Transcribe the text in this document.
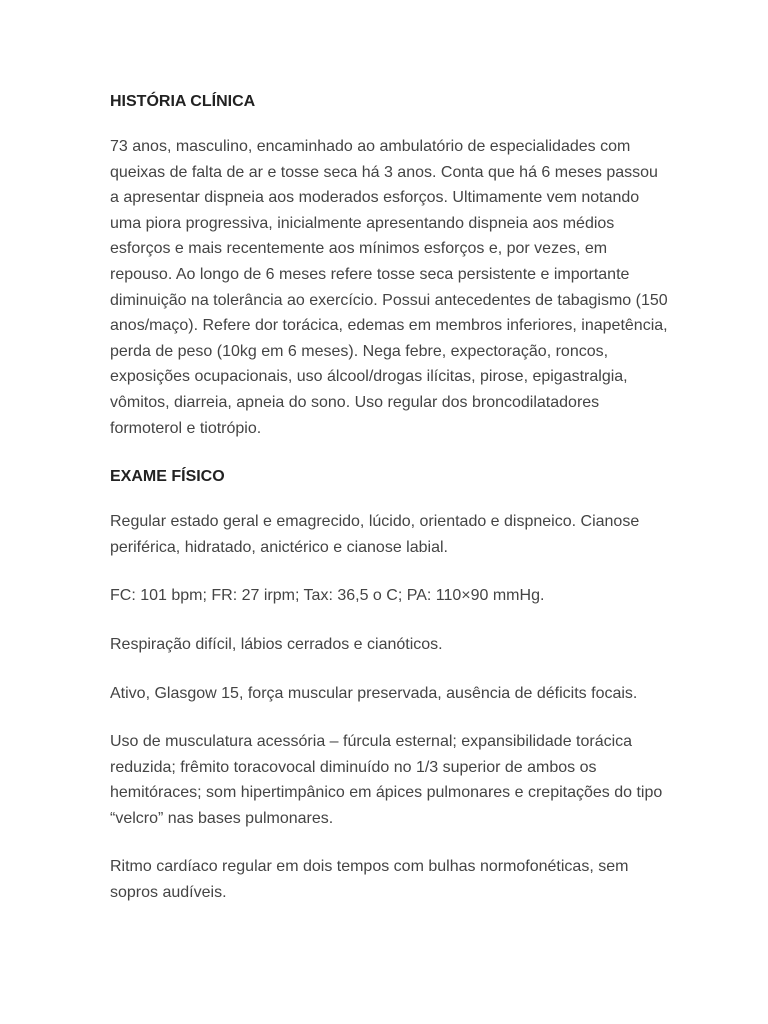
HISTÓRIA CLÍNICA

73 anos, masculino, encaminhado ao ambulatório de especialidades com queixas de falta de ar e tosse seca há 3 anos. Conta que há 6 meses passou a apresentar dispneia aos moderados esforços. Ultimamente vem notando uma piora progressiva, inicialmente apresentando dispneia aos médios esforços e mais recentemente aos mínimos esforços e, por vezes, em repouso. Ao longo de 6 meses refere tosse seca persistente e importante diminuição na tolerância ao exercício. Possui antecedentes de tabagismo (150 anos/maço). Refere dor torácica, edemas em membros inferiores, inapetência, perda de peso (10kg em 6 meses). Nega febre, expectoração, roncos, exposições ocupacionais, uso álcool/drogas ilícitas, pirose, epigastralgia, vômitos, diarreia, apneia do sono. Uso regular dos broncodilatadores formoterol e tiotrópio.

EXAME FÍSICO

Regular estado geral e emagrecido, lúcido, orientado e dispneico. Cianose periférica, hidratado, anictérico e cianose labial.

FC: 101 bpm; FR: 27 irpm; Tax: 36,5 o C; PA: 110×90 mmHg.

Respiração difícil, lábios cerrados e cianóticos.

Ativo, Glasgow 15, força muscular preservada, ausência de déficits focais.

Uso de musculatura acessória – fúrcula esternal; expansibilidade torácica reduzida; frêmito toracovocal diminuído no 1/3 superior de ambos os hemitóraces; som hipertimpânico em ápices pulmonares e crepitações do tipo “velcro” nas bases pulmonares.

Ritmo cardíaco regular em dois tempos com bulhas normofonéticas, sem sopros audíveis.
